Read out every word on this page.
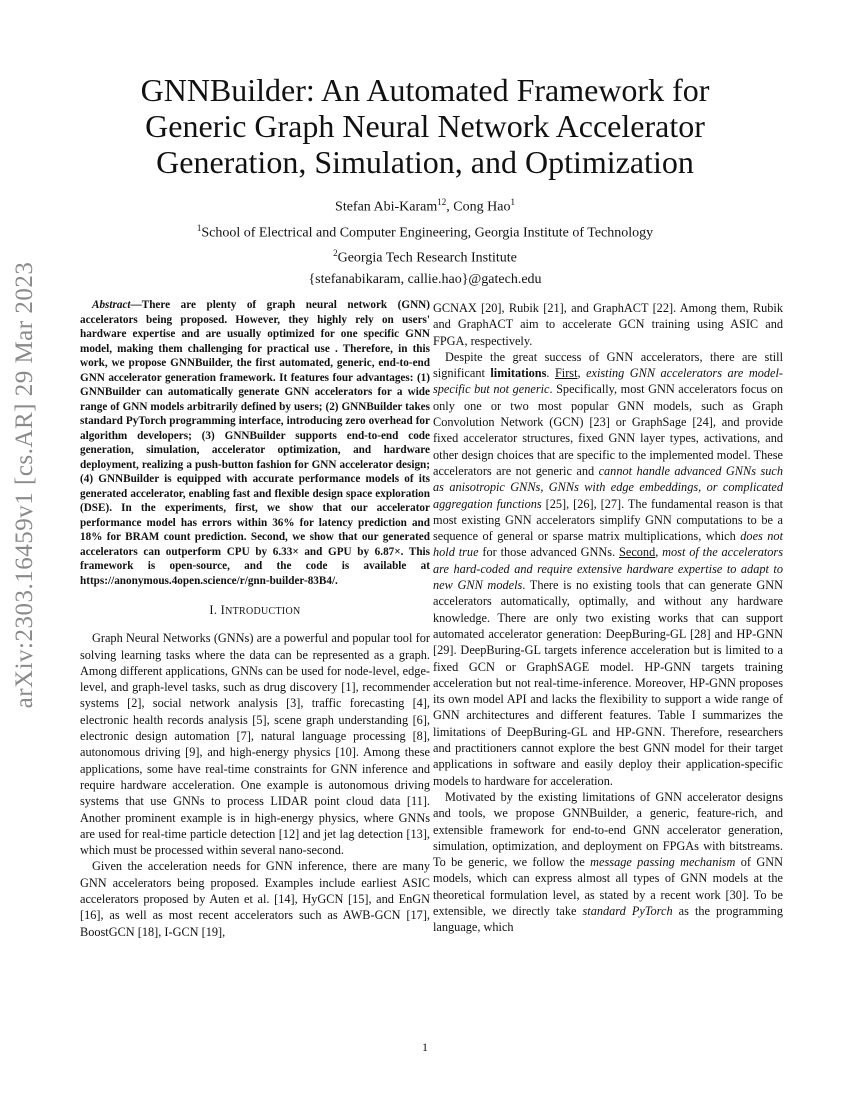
arXiv:2303.16459v1 [cs.AR] 29 Mar 2023
GNNBuilder: An Automated Framework for
Generic Graph Neural Network Accelerator
Generation, Simulation, and Optimization
Stefan Abi-Karam$^{12}$, Cong Hao$^1$
$^1$School of Electrical and Computer Engineering, Georgia Institute of Technology
$^2$Georgia Tech Research Institute
{stefanabikaram, callie.hao}@gatech.edu

Abstract—There are plenty of graph neural network (GNN) accelerators being proposed. However, they highly rely on users' hardware expertise and are usually optimized for one specific GNN model, making them challenging for practical use . Therefore, in this work, we propose GNNBuilder, the first automated, generic, end-to-end GNN accelerator generation framework. It features four advantages: (1) GNNBuilder can automatically generate GNN accelerators for a wide range of GNN models arbitrarily defined by users; (2) GNNBuilder takes standard PyTorch programming interface, introducing zero overhead for algorithm developers; (3) GNNBuilder supports end-to-end code generation, simulation, accelerator optimization, and hardware deployment, realizing a push-button fashion for GNN accelerator design; (4) GNNBuilder is equipped with accurate performance models of its generated accelerator, enabling fast and flexible design space exploration (DSE). In the experiments, first, we show that our accelerator performance model has errors within 36% for latency prediction and 18% for BRAM count prediction. Second, we show that our generated accelerators can outperform CPU by 6.33× and GPU by 6.87×. This framework is open-source, and the code is available at https://anonymous.4open.science/r/gnn-builder-83B4/.

I. INTRODUCTION

Graph Neural Networks (GNNs) are a powerful and popular tool for solving learning tasks where the data can be represented as a graph. Among different applications, GNNs can be used for node-level, edge-level, and graph-level tasks, such as drug discovery [1], recommender systems [2], social network analysis [3], traffic forecasting [4], electronic health records analysis [5], scene graph understanding [6], electronic design automation [7], natural language processing [8], autonomous driving [9], and high-energy physics [10]. Among these applications, some have real-time constraints for GNN inference and require hardware acceleration. One example is autonomous driving systems that use GNNs to process LIDAR point cloud data [11]. Another prominent example is in high-energy physics, where GNNs are used for real-time particle detection [12] and jet lag detection [13], which must be processed within several nano-second.

Given the acceleration needs for GNN inference, there are many GNN accelerators being proposed. Examples include earliest ASIC accelerators proposed by Auten et al. [14], HyGCN [15], and EnGN [16], as well as most recent accelerators such as AWB-GCN [17], BoostGCN [18], I-GCN [19],

GCNAX [20], Rubik [21], and GraphACT [22]. Among them, Rubik and GraphACT aim to accelerate GCN training using ASIC and FPGA, respectively.

Despite the great success of GNN accelerators, there are still significant limitations. First, existing GNN accelerators are model-specific but not generic. Specifically, most GNN accelerators focus on only one or two most popular GNN models, such as Graph Convolution Network (GCN) [23] or GraphSage [24], and provide fixed accelerator structures, fixed GNN layer types, activations, and other design choices that are specific to the implemented model. These accelerators are not generic and cannot handle advanced GNNs such as anisotropic GNNs, GNNs with edge embeddings, or complicated aggregation functions [25], [26], [27]. The fundamental reason is that most existing GNN accelerators simplify GNN computations to be a sequence of general or sparse matrix multiplications, which does not hold true for those advanced GNNs. Second, most of the accelerators are hard-coded and require extensive hardware expertise to adapt to new GNN models. There is no existing tools that can generate GNN accelerators automatically, optimally, and without any hardware knowledge. There are only two existing works that can support automated accelerator generation: DeepBuring-GL [28] and HP-GNN [29]. DeepBuring-GL targets inference acceleration but is limited to a fixed GCN or GraphSAGE model. HP-GNN targets training acceleration but not real-time-inference. Moreover, HP-GNN proposes its own model API and lacks the flexibility to support a wide range of GNN architectures and different features. Table I summarizes the limitations of DeepBuring-GL and HP-GNN. Therefore, researchers and practitioners cannot explore the best GNN model for their target applications in software and easily deploy their application-specific models to hardware for acceleration.

Motivated by the existing limitations of GNN accelerator designs and tools, we propose GNNBuilder, a generic, feature-rich, and extensible framework for end-to-end GNN accelerator generation, simulation, optimization, and deployment on FPGAs with bitstreams. To be generic, we follow the message passing mechanism of GNN models, which can express almost all types of GNN models at the theoretical formulation level, as stated by a recent work [30]. To be extensible, we directly take standard PyTorch as the programming language, which

1
